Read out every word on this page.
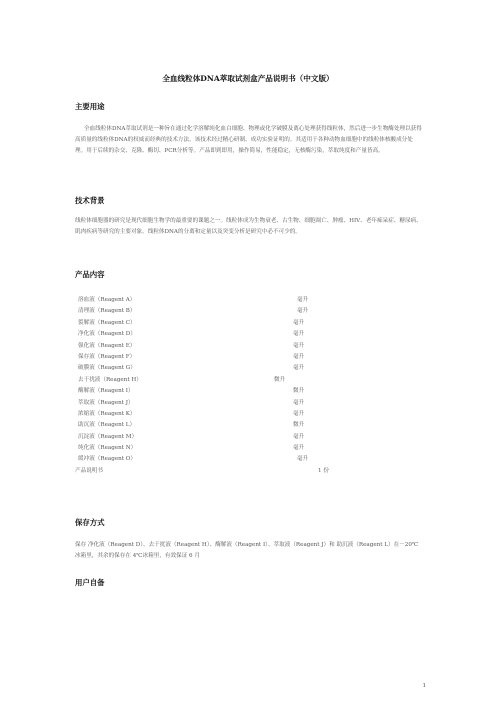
全血线粒体DNA萃取试剂盒产品说明书（中文版）
主要用途

全血线粒体DNA萃取试剂是一种旨在通过化学溶解纯化血白细胞、物理或化学破膜及离心处理获得线粒体，然后进一步生物酶处理以获得高质量的线粒体DNA的权威而经典的技术方法。该技术经过精心研制、成功实验证明的。其适用于各种动物血细胞中的线粒体核酸成分处理。用于后续的杂交、克隆、酶切、PCR分析等。产品即到即用，操作简易，性能稳定，无核酶污染，萃取纯度和产量皆高。

技术背景

线粒体细胞器的研究是现代细胞生物学的最重要的课题之一。线粒体成为生物衰老、古生物、细胞凋亡、肿瘤、HIV、老年痴呆症、糖尿病、肌肉疾病等研究的主要对象。线粒体DNA的分离和定量以及突变分析是研究中必不可少的。

产品内容
溶血液（Reagent A）	毫升
清理液（Reagent B）	毫升
裂解液（Reagent C）	毫升
净化液（Reagent D）	毫升
强化液（Reagent E）	毫升
保存液（Reagent F）	毫升
破膜液（Reagent G）	毫升
去干扰液（Reagent H）	微升
酶解液（Reagent I）	微升
萃取液（Reagent J）	毫升
浓缩液（Reagent K）	毫升
助沉液（Reagent L）	微升
沉淀液（Reagent M）	毫升
纯化液（Reagent N）	毫升
缓冲液（Reagent O）	毫升
产品说明书	1 份
保存方式

保存 净化液（Reagent D）、去干扰液（Reagent H）、酶解液（Reagent I）、萃取液（Reagent J）和 助沉液（Reagent L）在－20℃冰箱里，其余的保存在 4℃冰箱里，有效保证 6 月

用户自备
1
